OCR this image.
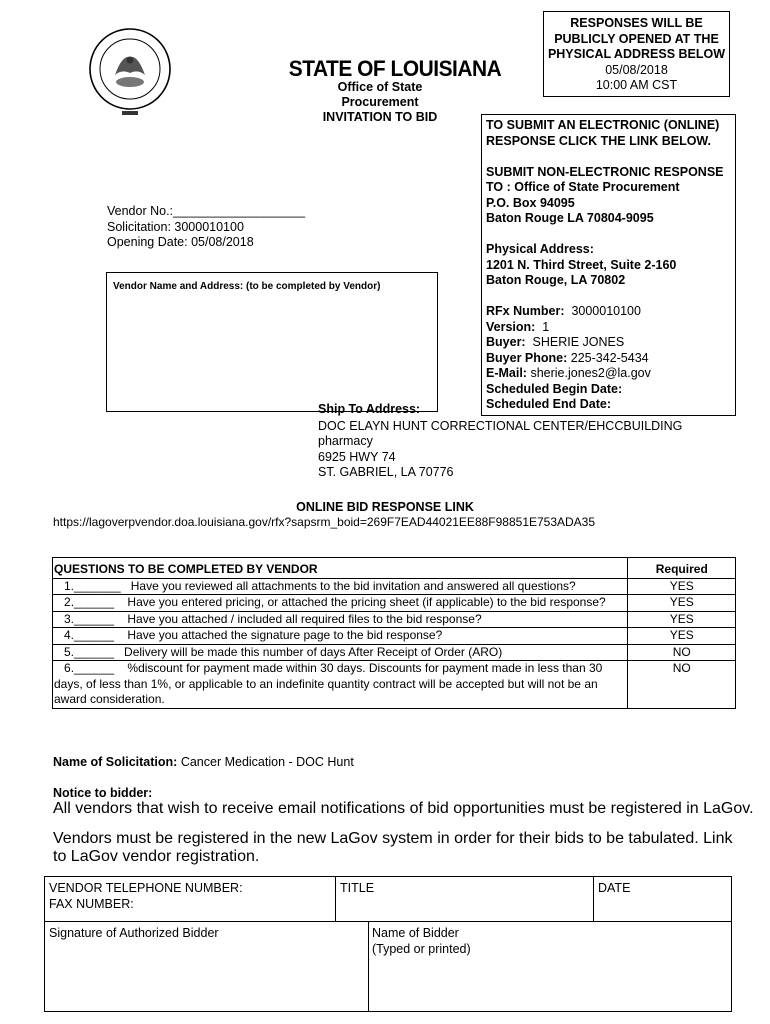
STATE OF LOUISIANA
Office of State Procurement
INVITATION TO BID
RESPONSES WILL BE
PUBLICLY OPENED AT THE
PHYSICAL ADDRESS BELOW
05/08/2018
10:00 AM CST
TO SUBMIT AN ELECTRONIC (ONLINE)
RESPONSE CLICK THE LINK BELOW.
SUBMIT NON-ELECTRONIC RESPONSE
TO : Office of State Procurement
P.O. Box 94095
Baton Rouge LA 70804-9095
Physical Address:
1201 N. Third Street, Suite 2-160
Baton Rouge, LA 70802
RFx Number: 3000010100
Version: 1
Buyer: SHERIE JONES
Buyer Phone: 225-342-5434
E-Mail: sherie.jones2@la.gov
Scheduled Begin Date:
Scheduled End Date:
Vendor No.:___________________
Solicitation: 3000010100
Opening Date: 05/08/2018
Vendor Name and Address: (to be completed by Vendor)
Ship To Address:
DOC ELAYN HUNT CORRECTIONAL CENTER/EHCCBUILDING
pharmacy
6925 HWY 74
ST. GABRIEL, LA 70776
ONLINE BID RESPONSE LINK
https://lagoverpvendor.doa.louisiana.gov/rfx?sapsrm_boid=269F7EAD44021EE88F98851E753ADA35
QUESTIONS TO BE COMPLETED BY VENDOR	Required
1._______   Have you reviewed all attachments to the bid invitation and answered all questions?	YES
2.______    Have you entered pricing, or attached the pricing sheet (if applicable) to the bid response?	YES
3.______    Have you attached / included all required files to the bid response?	YES
4.______    Have you attached the signature page to the bid response?	YES
5.______   Delivery will be made this number of days After Receipt of Order (ARO)	NO
6.______    %discount for payment made within 30 days. Discounts for payment made in less than 30 days, of less than 1%, or applicable to an indefinite quantity contract will be accepted but will not be an award consideration.	NO
Name of Solicitation: Cancer Medication - DOC Hunt
Notice to bidder:
All vendors that wish to receive email notifications of bid opportunities must be registered in LaGov.
Vendors must be registered in the new LaGov system in order for their bids to be tabulated. Link to LaGov vendor registration.
VENDOR TELEPHONE NUMBER:
FAX NUMBER:
TITLE	DATE
Signature of Authorized Bidder	Name of Bidder
(Typed or printed)
